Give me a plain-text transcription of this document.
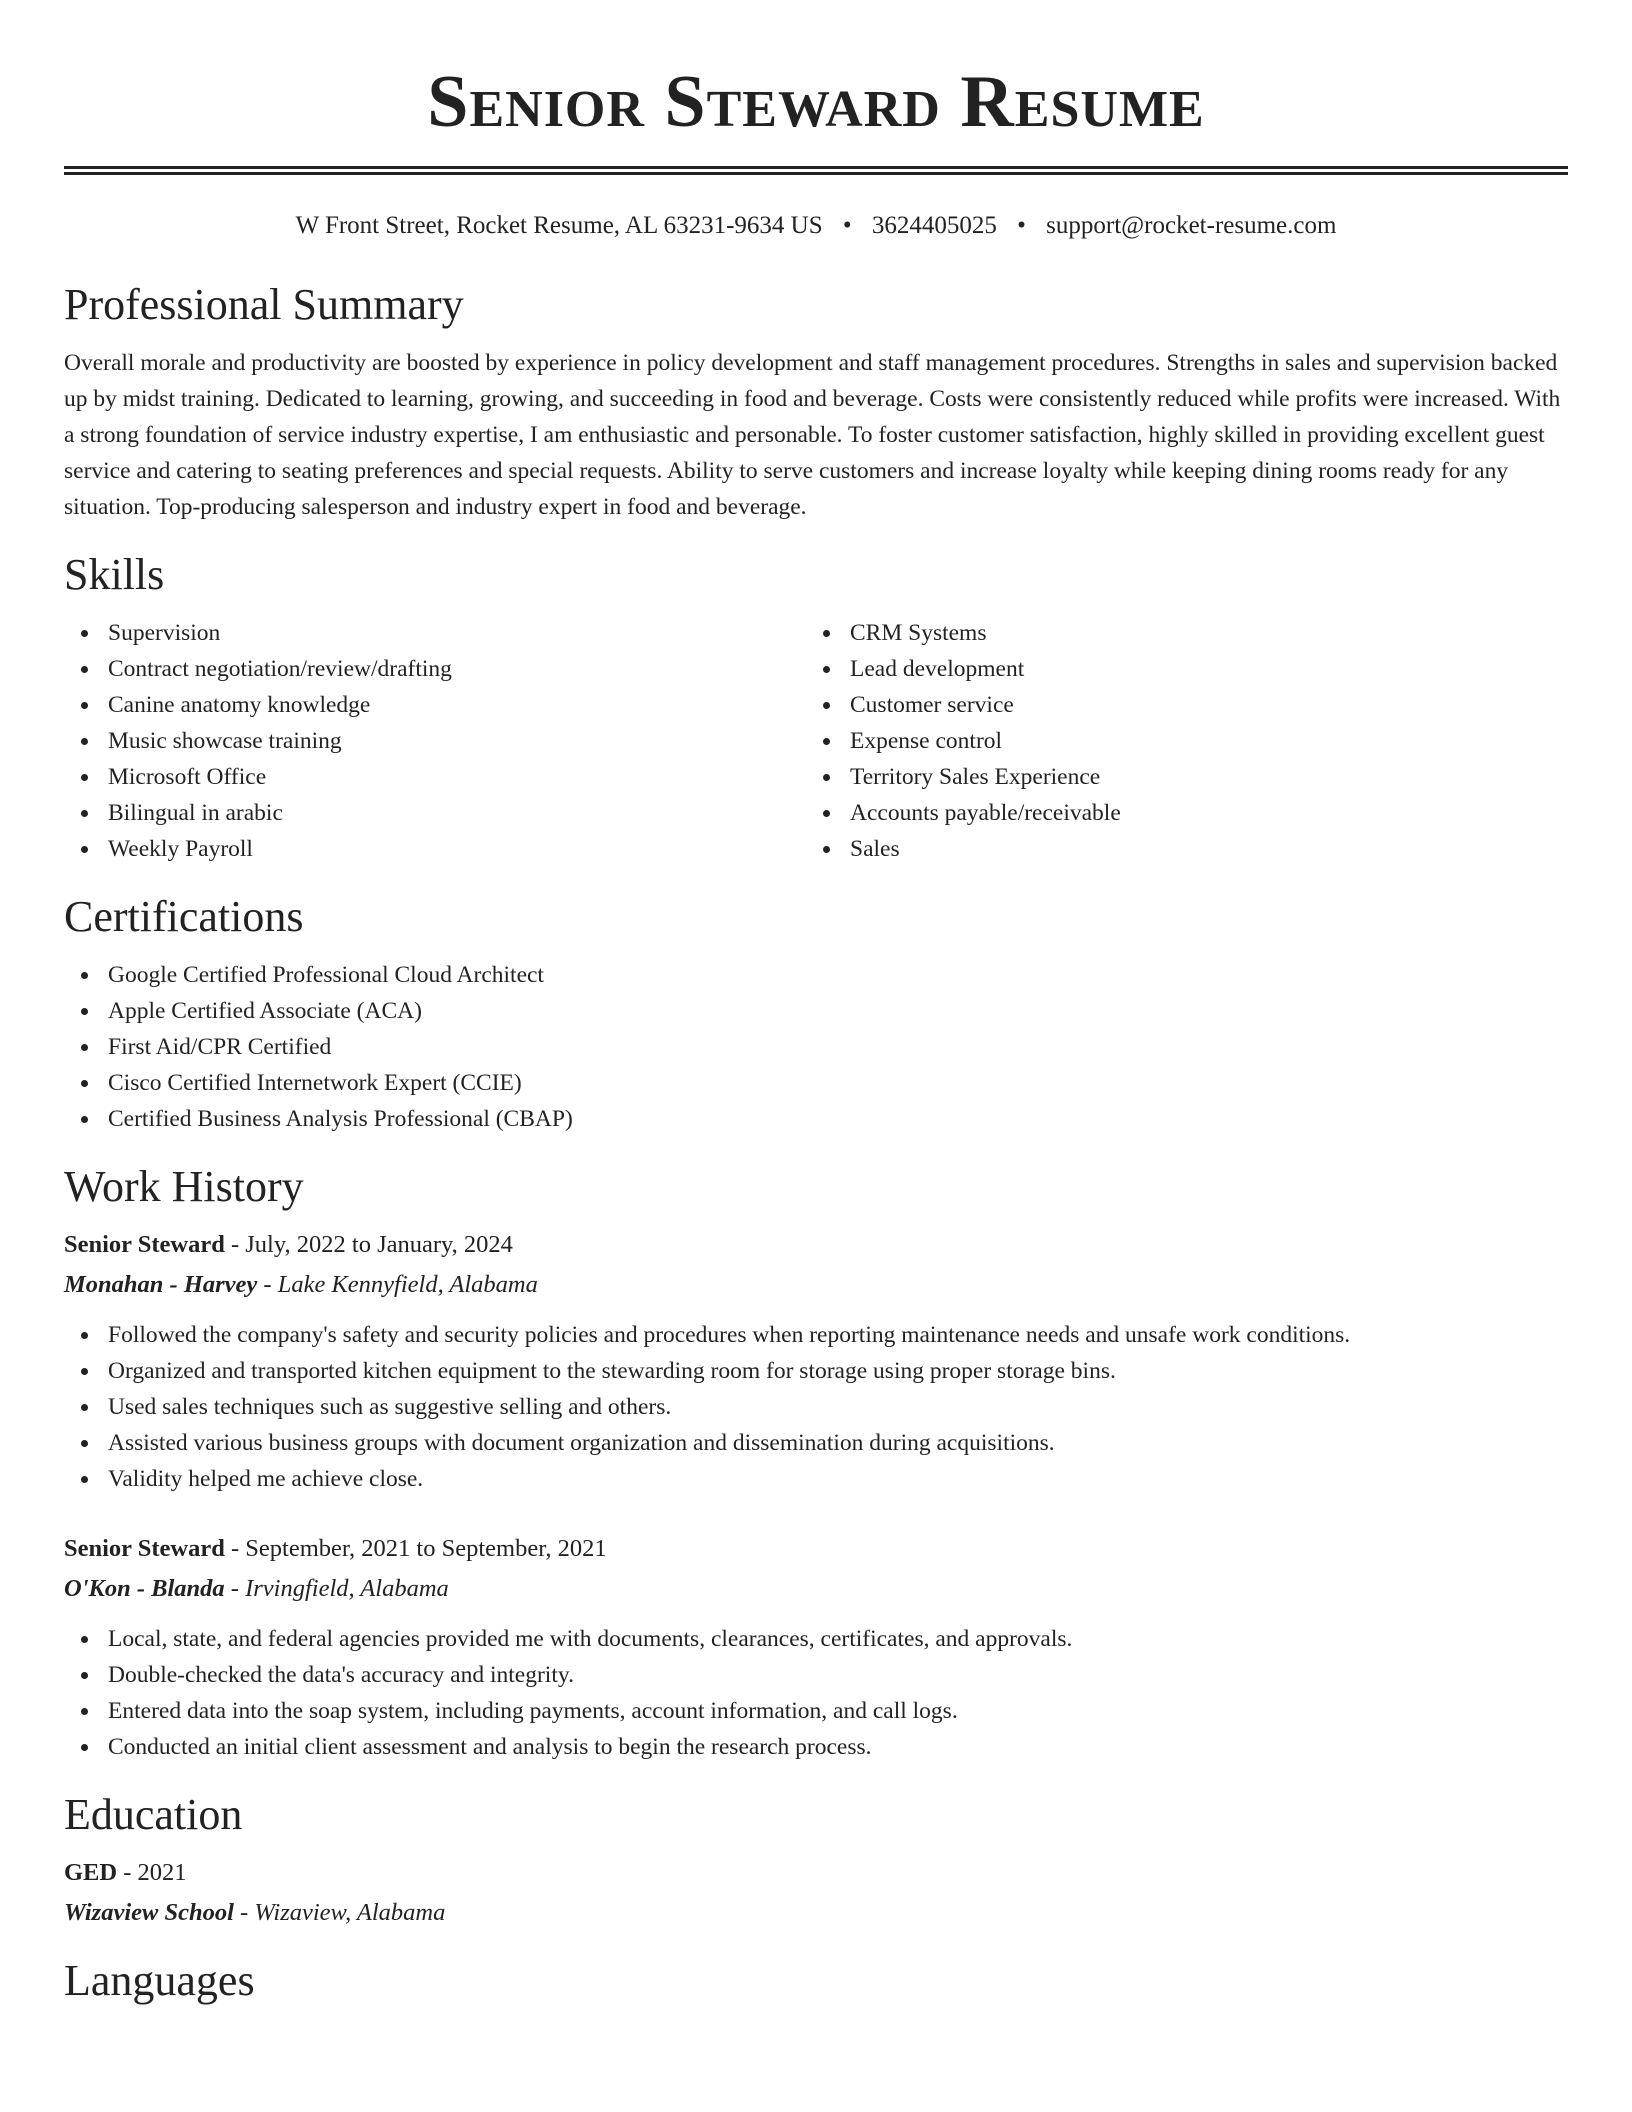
Senior Steward Resume
W Front Street, Rocket Resume, AL 63231-9634 US • 3624405025 • support@rocket-resume.com
Professional Summary

Overall morale and productivity are boosted by experience in policy development and staff management procedures. Strengths in sales and supervision backed up by midst training. Dedicated to learning, growing, and succeeding in food and beverage. Costs were consistently reduced while profits were increased. With a strong foundation of service industry expertise, I am enthusiastic and personable. To foster customer satisfaction, highly skilled in providing excellent guest service and catering to seating preferences and special requests. Ability to serve customers and increase loyalty while keeping dining rooms ready for any situation. Top-producing salesperson and industry expert in food and beverage.

Skills
Supervision
Contract negotiation/review/drafting
Canine anatomy knowledge
Music showcase training
Microsoft Office
Bilingual in arabic
Weekly Payroll
CRM Systems
Lead development
Customer service
Expense control
Territory Sales Experience
Accounts payable/receivable
Sales
Certifications
Google Certified Professional Cloud Architect
Apple Certified Associate (ACA)
First Aid/CPR Certified
Cisco Certified Internetwork Expert (CCIE)
Certified Business Analysis Professional (CBAP)
Work History
Senior Steward - July, 2022 to January, 2024
Monahan - Harvey - Lake Kennyfield, Alabama
Followed the company's safety and security policies and procedures when reporting maintenance needs and unsafe work conditions.
Organized and transported kitchen equipment to the stewarding room for storage using proper storage bins.
Used sales techniques such as suggestive selling and others.
Assisted various business groups with document organization and dissemination during acquisitions.
Validity helped me achieve close.
Senior Steward - September, 2021 to September, 2021
O'Kon - Blanda - Irvingfield, Alabama
Local, state, and federal agencies provided me with documents, clearances, certificates, and approvals.
Double-checked the data's accuracy and integrity.
Entered data into the soap system, including payments, account information, and call logs.
Conducted an initial client assessment and analysis to begin the research process.
Education
GED - 2021
Wizaview School - Wizaview, Alabama
Languages
